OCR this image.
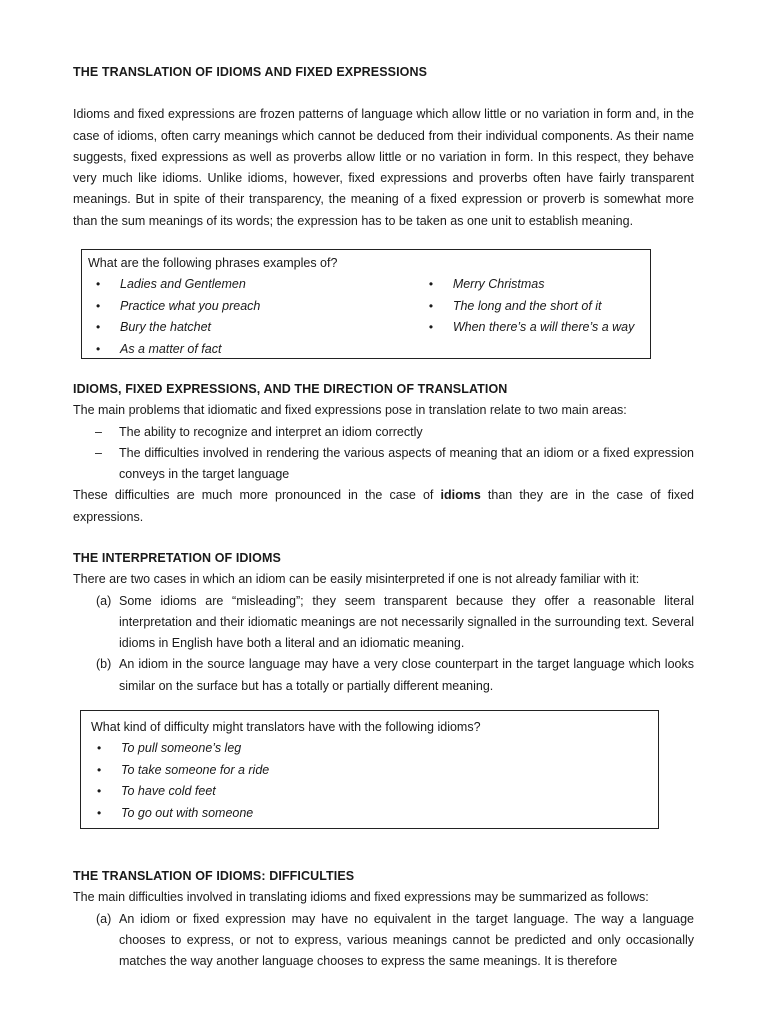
THE TRANSLATION OF IDIOMS AND FIXED EXPRESSIONS

Idioms and fixed expressions are frozen patterns of language which allow little or no variation in form and, in the case of idioms, often carry meanings which cannot be deduced from their individual components. As their name suggests, fixed expressions as well as proverbs allow little or no variation in form. In this respect, they behave very much like idioms. Unlike idioms, however, fixed expressions and proverbs often have fairly transparent meanings. But in spite of their transparency, the meaning of a fixed expression or proverb is somewhat more than the sum meanings of its words; the expression has to be taken as one unit to establish meaning.

What are the following phrases examples of?
• Ladies and Gentlemen
• Practice what you preach
• Bury the hatchet
• As a matter of fact
• Merry Christmas
• The long and the short of it
• When there’s a will there’s a way
IDIOMS, FIXED EXPRESSIONS, AND THE DIRECTION OF TRANSLATION

The main problems that idiomatic and fixed expressions pose in translation relate to two main areas:

– The ability to recognize and interpret an idiom correctly
– The difficulties involved in rendering the various aspects of meaning that an idiom or a fixed expression conveys in the target language

These difficulties are much more pronounced in the case of idioms than they are in the case of fixed expressions.

THE INTERPRETATION OF IDIOMS

There are two cases in which an idiom can be easily misinterpreted if one is not already familiar with it:

(a) Some idioms are “misleading”; they seem transparent because they offer a reasonable literal interpretation and their idiomatic meanings are not necessarily signalled in the surrounding text. Several idioms in English have both a literal and an idiomatic meaning.
(b) An idiom in the source language may have a very close counterpart in the target language which looks similar on the surface but has a totally or partially different meaning.
What kind of difficulty might translators have with the following idioms?
• To pull someone’s leg
• To take someone for a ride
• To have cold feet
• To go out with someone
THE TRANSLATION OF IDIOMS: DIFFICULTIES

The main difficulties involved in translating idioms and fixed expressions may be summarized as follows:

(a) An idiom or fixed expression may have no equivalent in the target language. The way a language chooses to express, or not to express, various meanings cannot be predicted and only occasionally matches the way another language chooses to express the same meanings. It is therefore
